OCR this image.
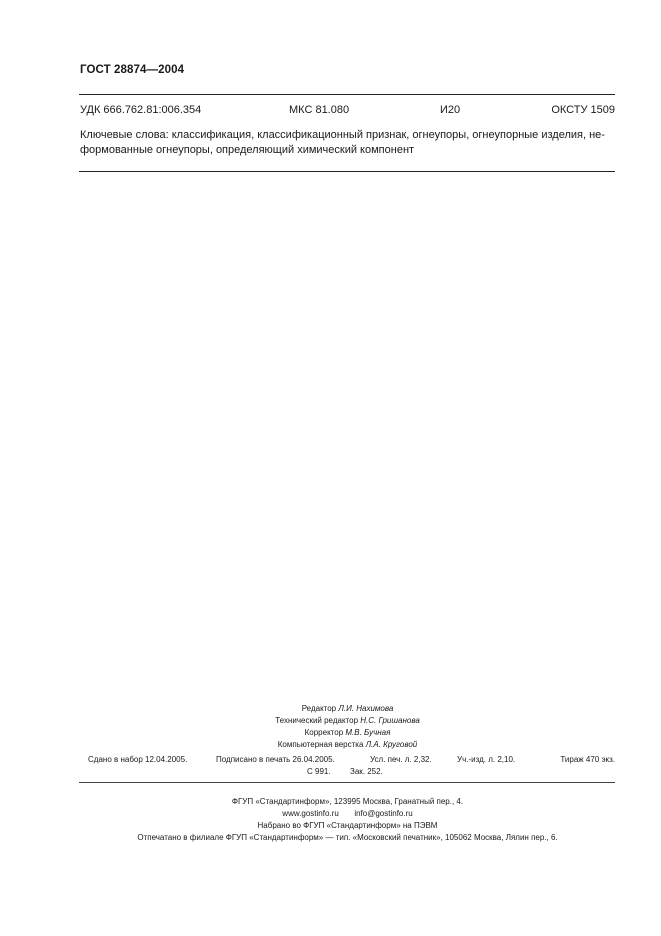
ГОСТ 28874—2004
УДК 666.762.81:006.354	МКС 81.080	И20	ОКСТУ 1509
Ключевые слова: классификация, классификационный признак, огнеупоры, огнеупорные изделия, не-
формованные огнеупоры, определяющий химический компонент
Редактор Л.И. Нахимова
Технический редактор Н.С. Гришанова
Корректор М.В. Бучная
Компьютерная верстка Л.А. Круговой
Сдано в набор 12.04.2005.	Подписано в печать 26.04.2005.	Усл. печ. л. 2,32.	Уч.-изд. л. 2,10.	Тираж 470 экз.
С 991. Зак. 252.
ФГУП «Стандартинформ», 123995 Москва, Гранатный пер., 4.
www.gostinfo.ru info@gostinfo.ru
Набрано во ФГУП «Стандартинформ» на ПЭВМ
Отпечатано в филиале ФГУП «Стандартинформ» — тип. «Московский печатник», 105062 Москва, Лялин пер., 6.
